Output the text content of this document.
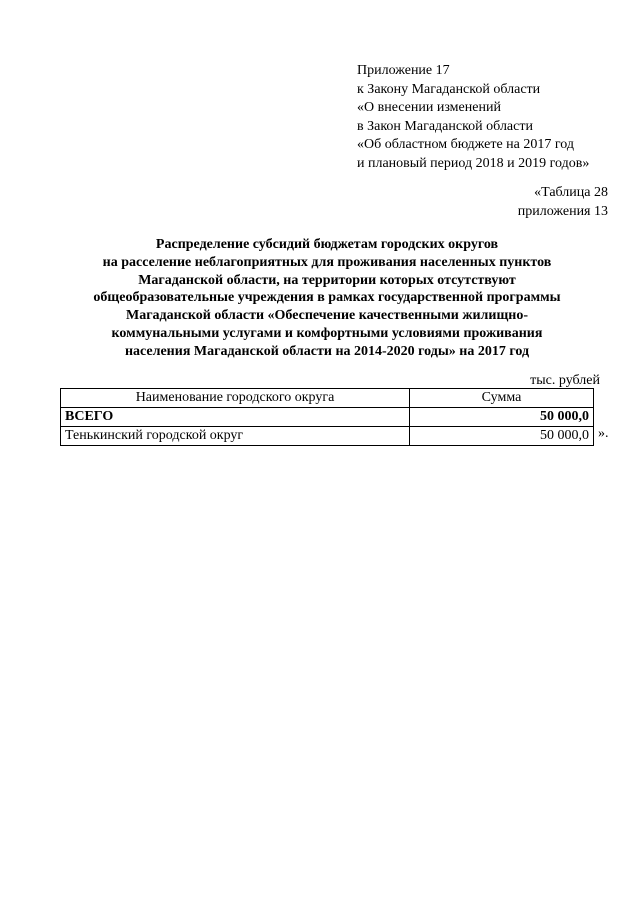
Приложение 17
к Закону Магаданской области
«О внесении изменений
в Закон Магаданской области
«Об областном бюджете на 2017 год
и плановый период 2018 и 2019 годов»
«Таблица 28
приложения 13
Распределение субсидий бюджетам городских округов
на расселение неблагоприятных для проживания населенных пунктов
Магаданской области, на территории которых отсутствуют
общеобразовательные учреждения в рамках государственной программы
Магаданской области «Обеспечение качественными жилищно-
коммунальными услугами и комфортными условиями проживания
населения Магаданской области на 2014-2020 годы» на 2017 год
тыс. рублей
Наименование городского округа	Сумма
ВСЕГО	50 000,0
Тенькинский городской округ	50 000,0 ».
